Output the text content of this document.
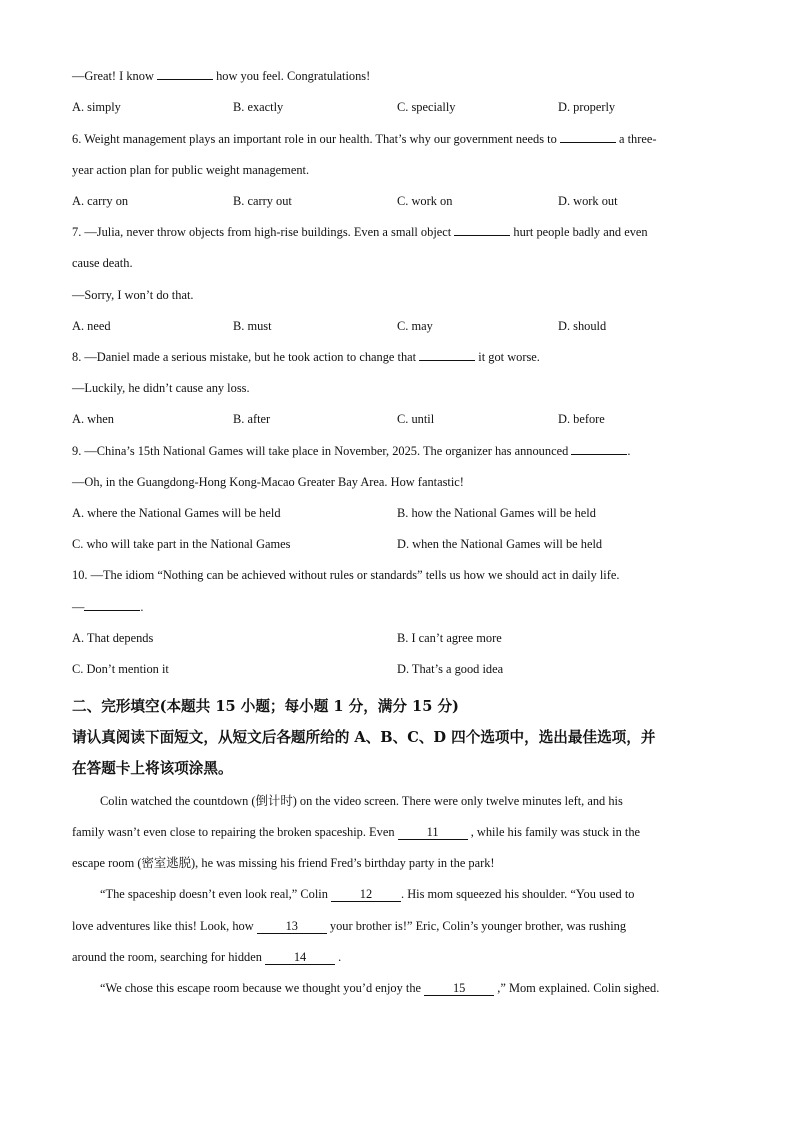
—Great! I know	how you feel. Congratulations!
A. simply	B. exactly	C. specially	D. properly
6. Weight management plays an important role in our health. That’s why our government needs to	a three-
year action plan for public weight management.
A. carry on	B. carry out	C. work on	D. work out
7. —Julia, never throw objects from high-rise buildings. Even a small object	hurt people badly and even
cause death.
—Sorry, I won’t do that.
A. need	B. must	C. may	D. should
8. —Daniel made a serious mistake, but he took action to change that	it got worse.
—Luckily, he didn’t cause any loss.
A. when	B. after	C. until	D. before
9. —China’s 15th National Games will take place in November, 2025. The organizer has announced	.
—Oh, in the Guangdong-Hong Kong-Macao Greater Bay Area. How fantastic!
A. where the National Games will be held	B. how the National Games will be held
C. who will take part in the National Games	D. when the National Games will be held
10. —The idiom “Nothing can be achieved without rules or standards” tells us how we should act in daily life.
—	.
A. That depends	B. I can’t agree more
C. Don’t mention it	D. That’s a good idea
二、完形填空(本题共 15 小题；每小题 1 分，满分 15 分)
请认真阅读下面短文，从短文后各题所给的 A、B、C、D 四个选项中，选出最佳选项，并
在答题卡上将该项涂黑。
Colin watched the countdown (倒计时) on the video screen. There were only twelve minutes left, and his
family wasn’t even close to repairing the broken spaceship. Even 11 , while his family was stuck in the
escape room (密室逃脱), he was missing his friend Fred’s birthday party in the park!
“The spaceship doesn’t even look real,” Colin 12 . His mom squeezed his shoulder. “You used to
love adventures like this! Look, how 13 your brother is!” Eric, Colin’s younger brother, was rushing
around the room, searching for hidden 14 .
“We chose this escape room because we thought you’d enjoy the 15 ,” Mom explained. Colin sighed.
